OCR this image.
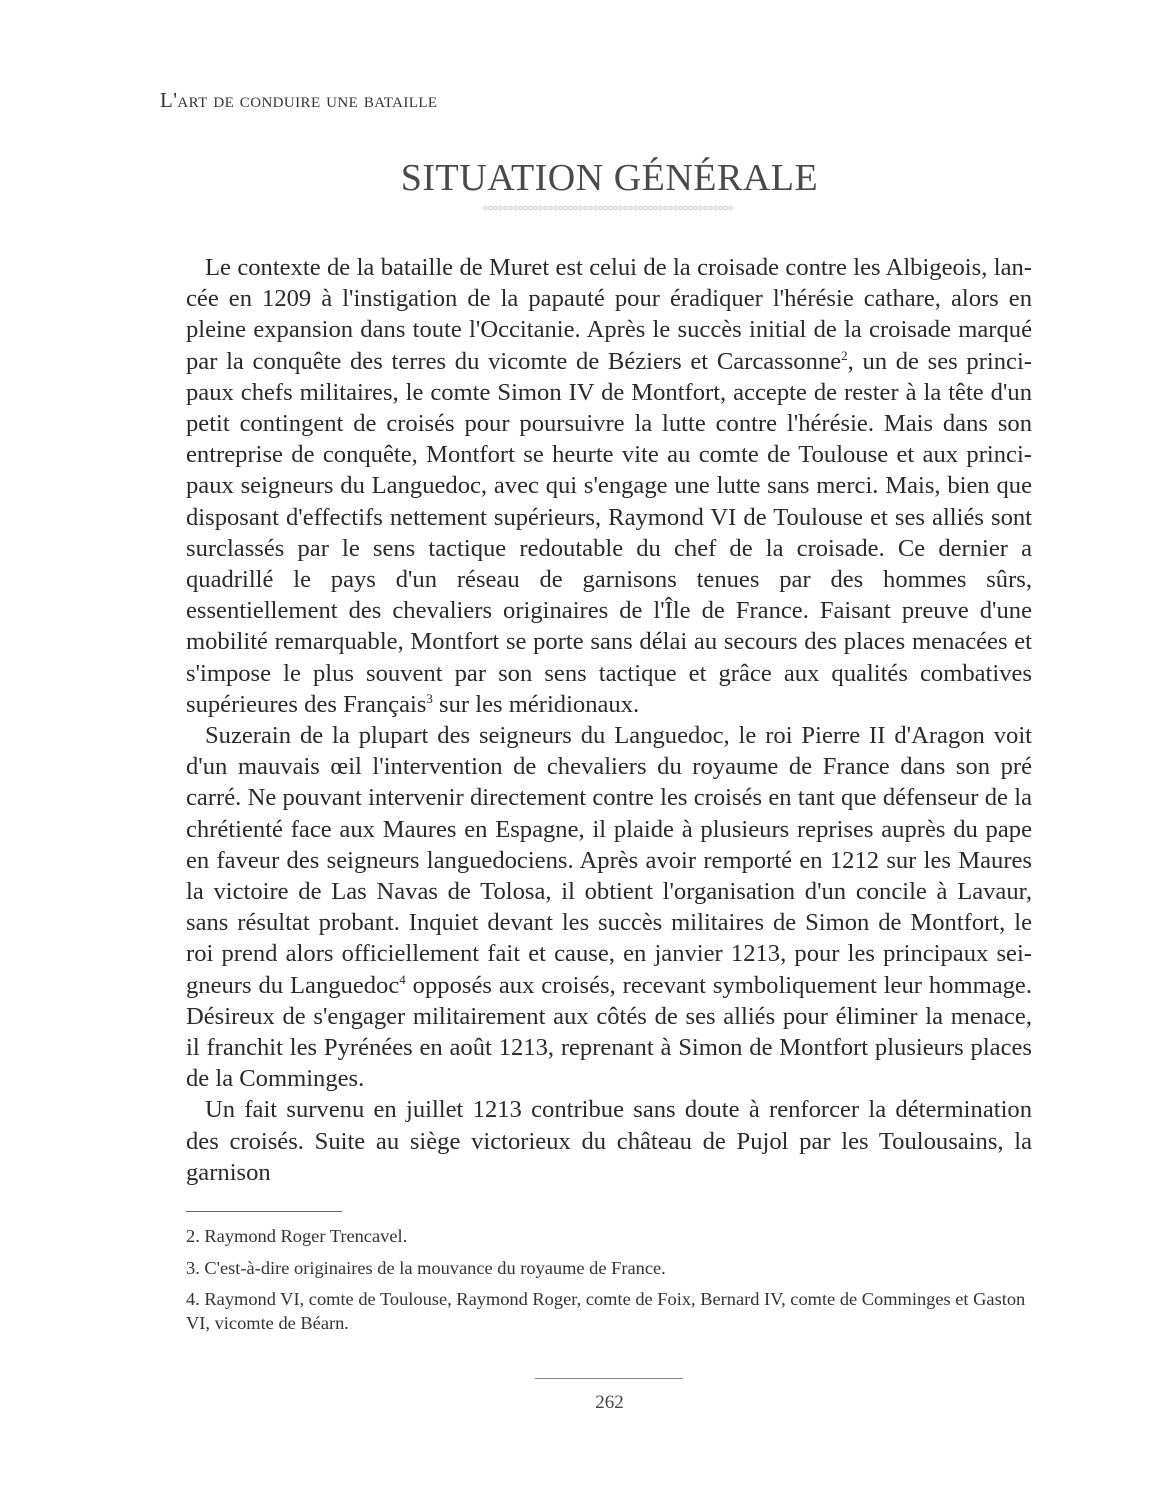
L'art de conduire une bataille
SITUATION GÉNÉRALE

Le contexte de la bataille de Muret est celui de la croisade contre les Albigeois, lancée en 1209 à l'instigation de la papauté pour éradiquer l'hérésie cathare, alors en pleine expansion dans toute l'Occitanie. Après le succès initial de la croisade marqué par la conquête des terres du vicomte de Béziers et Carcassonne$^2$, un de ses principaux chefs militaires, le comte Simon IV de Montfort, accepte de rester à la tête d'un petit contingent de croisés pour poursuivre la lutte contre l'hérésie. Mais dans son entreprise de conquête, Montfort se heurte vite au comte de Toulouse et aux principaux seigneurs du Languedoc, avec qui s'engage une lutte sans merci. Mais, bien que disposant d'effectifs nettement supérieurs, Raymond VI de Toulouse et ses alliés sont surclassés par le sens tactique redoutable du chef de la croisade. Ce dernier a quadrillé le pays d'un réseau de garnisons tenues par des hommes sûrs, essentiellement des chevaliers originaires de l'Île de France. Faisant preuve d'une mobilité remarquable, Montfort se porte sans délai au secours des places menacées et s'impose le plus souvent par son sens tactique et grâce aux qualités combatives supérieures des Français$^3$ sur les méridionaux.

Suzerain de la plupart des seigneurs du Languedoc, le roi Pierre II d'Aragon voit d'un mauvais œil l'intervention de chevaliers du royaume de France dans son pré carré. Ne pouvant intervenir directement contre les croisés en tant que défenseur de la chrétienté face aux Maures en Espagne, il plaide à plusieurs reprises auprès du pape en faveur des seigneurs languedociens. Après avoir remporté en 1212 sur les Maures la victoire de Las Navas de Tolosa, il obtient l'organisation d'un concile à Lavaur, sans résultat probant. Inquiet devant les succès militaires de Simon de Montfort, le roi prend alors officiellement fait et cause, en janvier 1213, pour les principaux seigneurs du Languedoc$^4$ opposés aux croisés, recevant symboliquement leur hommage. Désireux de s'engager militairement aux côtés de ses alliés pour éliminer la menace, il franchit les Pyrénées en août 1213, reprenant à Simon de Montfort plusieurs places de la Comminges.

Un fait survenu en juillet 1213 contribue sans doute à renforcer la détermination des croisés. Suite au siège victorieux du château de Pujol par les Toulousains, la garnison

2. Raymond Roger Trencavel.

3. C'est-à-dire originaires de la mouvance du royaume de France.

4. Raymond VI, comte de Toulouse, Raymond Roger, comte de Foix, Bernard IV, comte de Comminges et Gaston VI, vicomte de Béarn.

262
